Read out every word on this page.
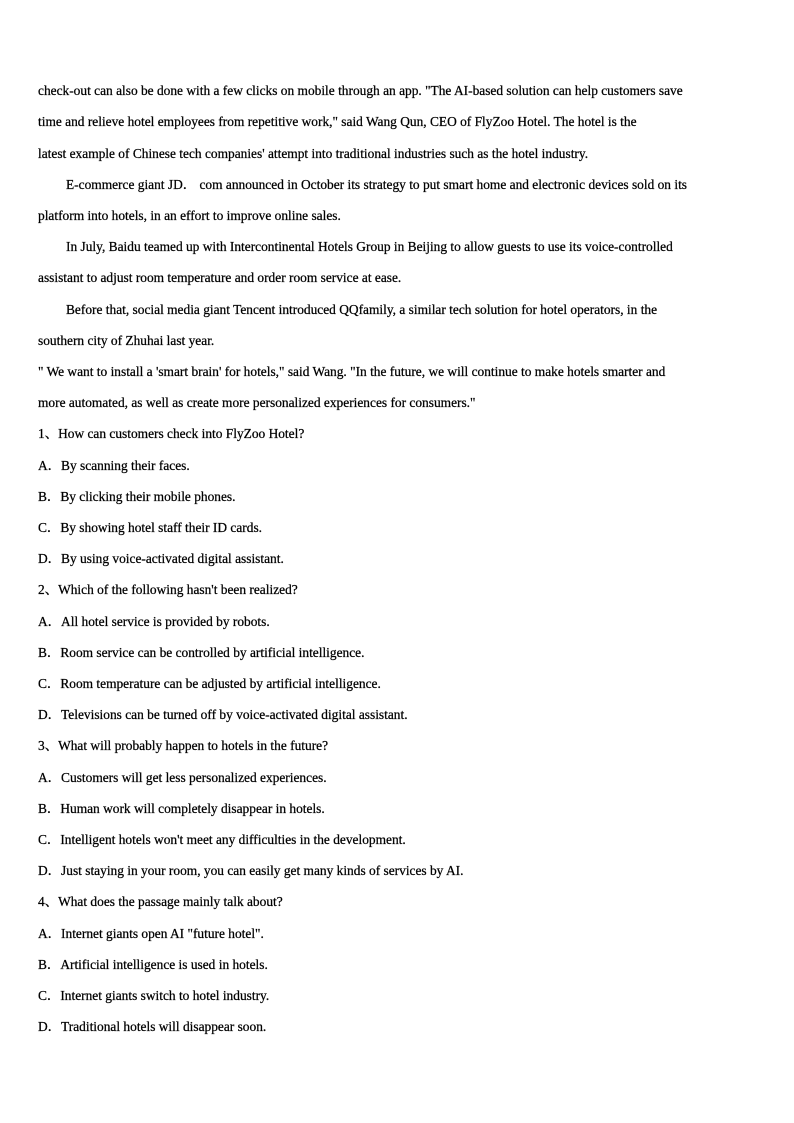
check-out can also be done with a few clicks on mobile through an app. "The AI-based solution can help customers save
time and relieve hotel employees from repetitive work," said Wang Qun, CEO of FlyZoo Hotel. The hotel is the
latest example of Chinese tech companies' attempt into traditional industries such as the hotel industry.
E-commerce giant JD． com announced in October its strategy to put smart home and electronic devices sold on its
platform into hotels, in an effort to improve online sales.
In July, Baidu teamed up with Intercontinental Hotels Group in Beijing to allow guests to use its voice-controlled
assistant to adjust room temperature and order room service at ease.
Before that, social media giant Tencent introduced QQfamily, a similar tech solution for hotel operators, in the
southern city of Zhuhai last year.
" We want to install a 'smart brain' for hotels," said Wang. "In the future, we will continue to make hotels smarter and
more automated, as well as create more personalized experiences for consumers."
1、How can customers check into FlyZoo Hotel?
A．By scanning their faces.
B．By clicking their mobile phones.
C．By showing hotel staff their ID cards.
D．By using voice-activated digital assistant.
2、Which of the following hasn't been realized?
A．All hotel service is provided by robots.
B．Room service can be controlled by artificial intelligence.
C．Room temperature can be adjusted by artificial intelligence.
D．Televisions can be turned off by voice-activated digital assistant.
3、What will probably happen to hotels in the future?
A．Customers will get less personalized experiences.
B．Human work will completely disappear in hotels.
C．Intelligent hotels won't meet any difficulties in the development.
D．Just staying in your room, you can easily get many kinds of services by AI.
4、What does the passage mainly talk about?
A．Internet giants open AI "future hotel".
B．Artificial intelligence is used in hotels.
C．Internet giants switch to hotel industry.
D．Traditional hotels will disappear soon.
